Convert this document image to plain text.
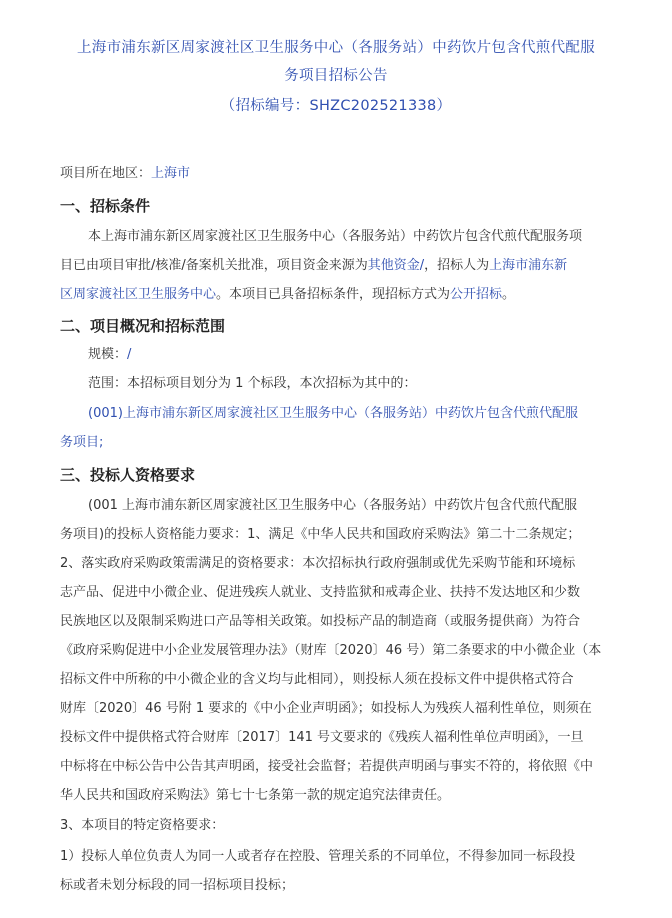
上海市浦东新区周家渡社区卫生服务中心（各服务站）中药饮片包含代煎代配服
务项目招标公告
（招标编号：SHZC202521338）
项目所在地区：上海市
一、招标条件
本上海市浦东新区周家渡社区卫生服务中心（各服务站）中药饮片包含代煎代配服务项
目已由项目审批/核准/备案机关批准，项目资金来源为其他资金/，招标人为上海市浦东新
区周家渡社区卫生服务中心。本项目已具备招标条件，现招标方式为公开招标。
二、项目概况和招标范围
规模：/
范围：本招标项目划分为 1 个标段，本次招标为其中的：
(001)上海市浦东新区周家渡社区卫生服务中心（各服务站）中药饮片包含代煎代配服
务项目;
三、投标人资格要求
(001 上海市浦东新区周家渡社区卫生服务中心（各服务站）中药饮片包含代煎代配服
务项目)的投标人资格能力要求：1、满足《中华人民共和国政府采购法》第二十二条规定；
2、落实政府采购政策需满足的资格要求：本次招标执行政府强制或优先采购节能和环境标
志产品、促进中小微企业、促进残疾人就业、支持监狱和戒毒企业、扶持不发达地区和少数
民族地区以及限制采购进口产品等相关政策。如投标产品的制造商（或服务提供商）为符合
《政府采购促进中小企业发展管理办法》（财库〔2020〕46 号）第二条要求的中小微企业（本
招标文件中所称的中小微企业的含义均与此相同），则投标人须在投标文件中提供格式符合
财库〔2020〕46 号附 1 要求的《中小企业声明函》；如投标人为残疾人福利性单位，则须在
投标文件中提供格式符合财库〔2017〕141 号文要求的《残疾人福利性单位声明函》，一旦
中标将在中标公告中公告其声明函，接受社会监督；若提供声明函与事实不符的，将依照《中
华人民共和国政府采购法》第七十七条第一款的规定追究法律责任。
3、本项目的特定资格要求：
1）投标人单位负责人为同一人或者存在控股、管理关系的不同单位，不得参加同一标段投
标或者未划分标段的同一招标项目投标；
